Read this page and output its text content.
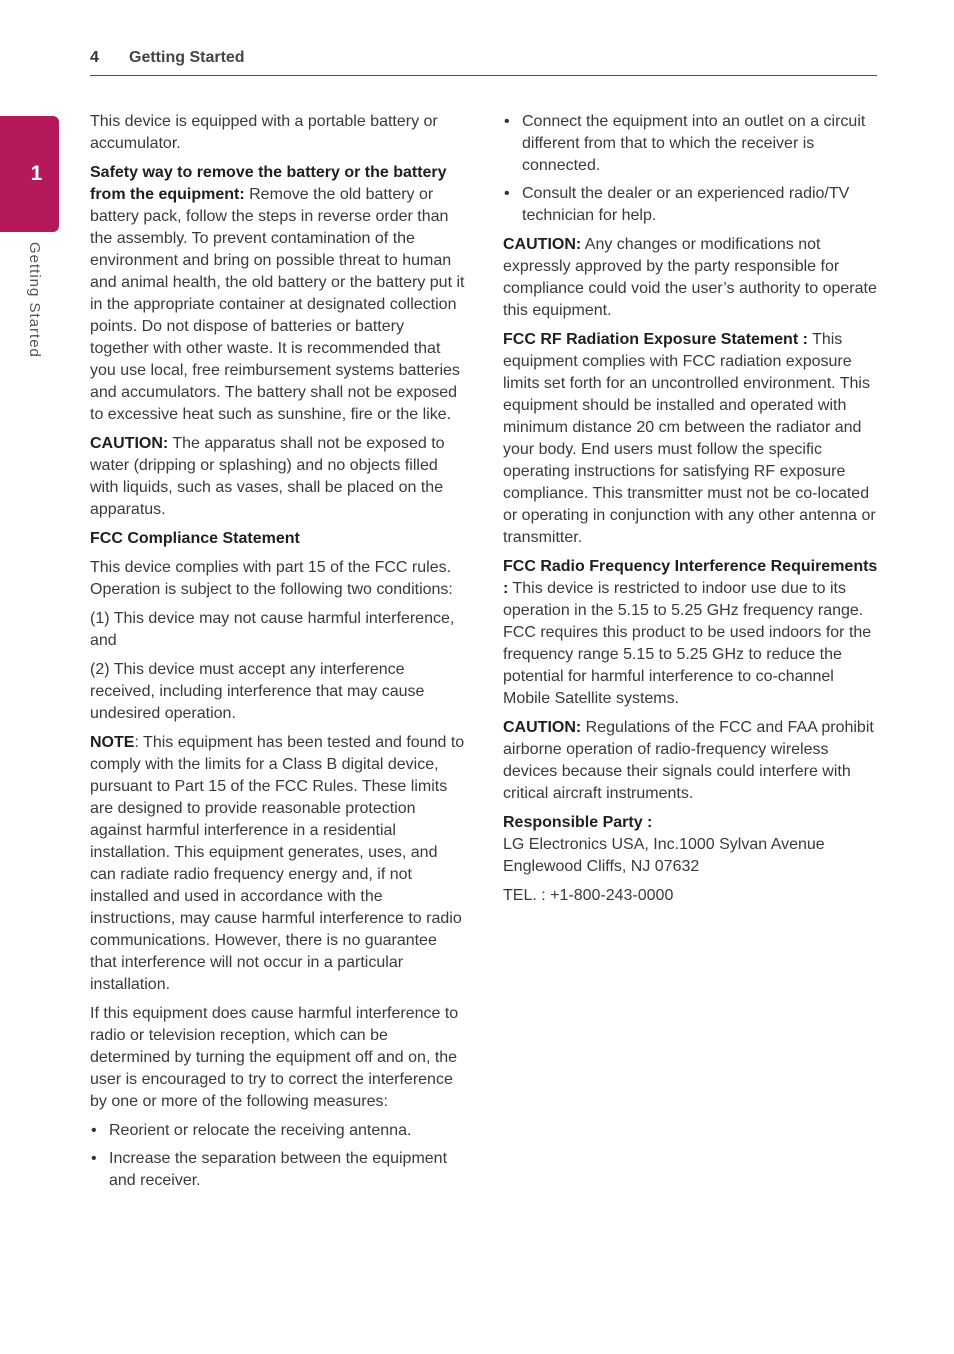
4 Getting Started
1
Getting Started

This device is equipped with a portable battery or accumulator.

Safety way to remove the battery or the battery from the equipment: Remove the old battery or battery pack, follow the steps in reverse order than the assembly. To prevent contamination of the environment and bring on possible threat to human and animal health, the old battery or the battery put it in the appropriate container at designated collection points. Do not dispose of batteries or battery together with other waste. It is recommended that you use local, free reimbursement systems batteries and accumulators. The battery shall not be exposed to excessive heat such as sunshine, fire or the like.

CAUTION: The apparatus shall not be exposed to water (dripping or splashing) and no objects filled with liquids, such as vases, shall be placed on the apparatus.

FCC Compliance Statement

This device complies with part 15 of the FCC rules. Operation is subject to the following two conditions:

(1) This device may not cause harmful interference, and

(2) This device must accept any interference received, including interference that may cause undesired operation.

NOTE: This equipment has been tested and found to comply with the limits for a Class B digital device, pursuant to Part 15 of the FCC Rules. These limits are designed to provide reasonable protection against harmful interference in a residential installation. This equipment generates, uses, and can radiate radio frequency energy and, if not installed and used in accordance with the instructions, may cause harmful interference to radio communications. However, there is no guarantee that interference will not occur in a particular installation.

If this equipment does cause harmful interference to radio or television reception, which can be determined by turning the equipment off and on, the user is encouraged to try to correct the interference by one or more of the following measures:

• Reorient or relocate the receiving antenna.
• Increase the separation between the equipment and receiver.
• Connect the equipment into an outlet on a circuit different from that to which the receiver is connected.
• Consult the dealer or an experienced radio/TV technician for help.

CAUTION: Any changes or modifications not expressly approved by the party responsible for compliance could void the user’s authority to operate this equipment.

FCC RF Radiation Exposure Statement : This equipment complies with FCC radiation exposure limits set forth for an uncontrolled environment. This equipment should be installed and operated with minimum distance 20 cm between the radiator and your body. End users must follow the specific operating instructions for satisfying RF exposure compliance. This transmitter must not be co-located or operating in conjunction with any other antenna or transmitter.

FCC Radio Frequency Interference Requirements : This device is restricted to indoor use due to its operation in the 5.15 to 5.25 GHz frequency range. FCC requires this product to be used indoors for the frequency range 5.15 to 5.25 GHz to reduce the potential for harmful interference to co-channel Mobile Satellite systems.

CAUTION: Regulations of the FCC and FAA prohibit airborne operation of radio-frequency wireless devices because their signals could interfere with critical aircraft instruments.

Responsible Party :
LG Electronics USA, Inc.1000 Sylvan Avenue
Englewood Cliffs, NJ 07632

TEL. : +1-800-243-0000
